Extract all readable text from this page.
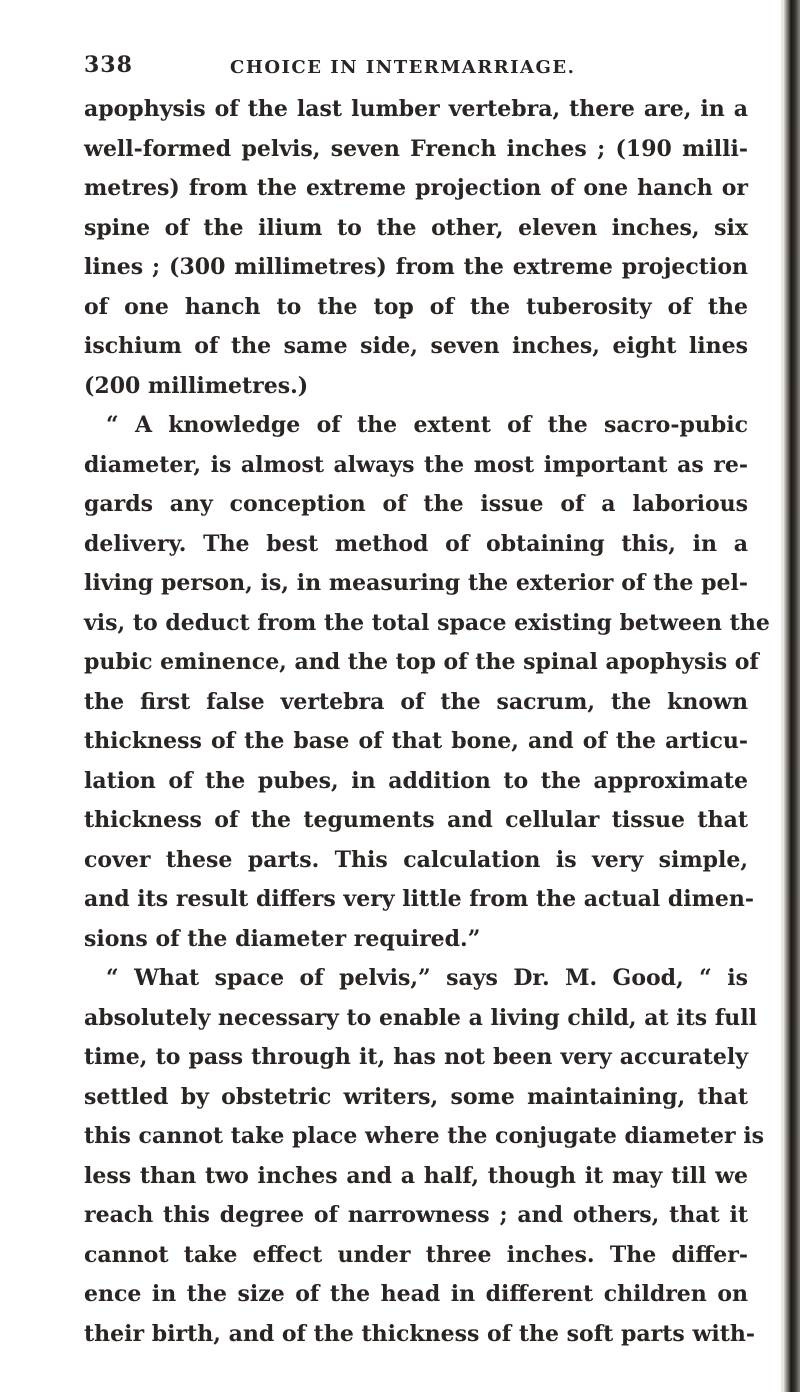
338	CHOICE IN INTERMARRIAGE.
apophysis of the last lumber vertebra, there are, in a
well-formed pelvis, seven French inches ; (190 milli-
metres) from the extreme projection of one hanch or
spine of the ilium to the other, eleven inches, six
lines ; (300 millimetres) from the extreme projection
of one hanch to the top of the tuberosity of the
ischium of the same side, seven inches, eight lines
(200 millimetres.)
“ A knowledge of the extent of the sacro-pubic
diameter, is almost always the most important as re-
gards any conception of the issue of a laborious
delivery. The best method of obtaining this, in a
living person, is, in measuring the exterior of the pel-
vis, to deduct from the total space existing between the
pubic eminence, and the top of the spinal apophysis of
the first false vertebra of the sacrum, the known
thickness of the base of that bone, and of the articu-
lation of the pubes, in addition to the approximate
thickness of the teguments and cellular tissue that
cover these parts. This calculation is very simple,
and its result differs very little from the actual dimen-
sions of the diameter required.”
“ What space of pelvis,” says Dr. M. Good, “ is
absolutely necessary to enable a living child, at its full
time, to pass through it, has not been very accurately
settled by obstetric writers, some maintaining, that
this cannot take place where the conjugate diameter is
less than two inches and a half, though it may till we
reach this degree of narrowness ; and others, that it
cannot take effect under three inches. The differ-
ence in the size of the head in different children on
their birth, and of the thickness of the soft parts with-
